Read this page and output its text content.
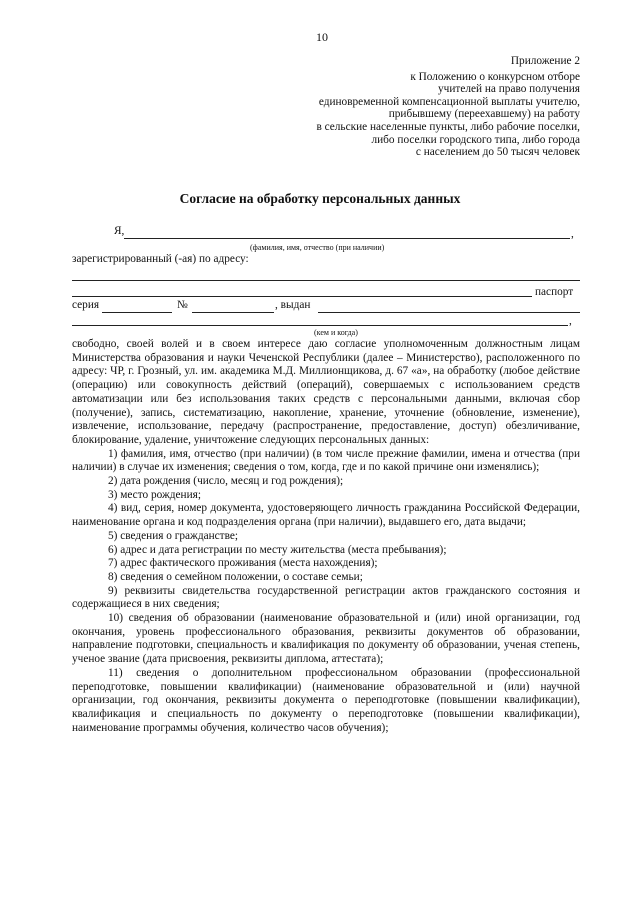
10
Приложение 2
к Положению о конкурсном отборе
учителей на право получения
единовременной компенсационной выплаты учителю,
прибывшему (переехавшему) на работу
в сельские населенные пункты, либо рабочие поселки,
либо поселки городского типа, либо города
с населением до 50 тысяч человек
Согласие на обработку персональных данных
Я,	,
(фамилия, имя, отчество (при наличии)
зарегистрированный (-ая) по адресу:
паспорт
серия	№	, выдан
,
(кем и когда)

свободно, своей волей и в своем интересе даю согласие уполномоченным должностным лицам Министерства образования и науки Чеченской Республики (далее – Министерство), расположенного по адресу: ЧР, г. Грозный, ул. им. академика М.Д. Миллионщикова, д. 67 «а», на обработку (любое действие (операцию) или совокупность действий (операций), совершаемых с использованием средств автоматизации или без использования таких средств с персональными данными, включая сбор (получение), запись, систематизацию, накопление, хранение, уточнение (обновление, изменение), извлечение, использование, передачу (распространение, предоставление, доступ) обезличивание, блокирование, удаление, уничтожение следующих персональных данных:

1) фамилия, имя, отчество (при наличии) (в том числе прежние фамилии, имена и отчества (при наличии) в случае их изменения; сведения о том, когда, где и по какой причине они изменялись);

2) дата рождения (число, месяц и год рождения);

3) место рождения;

4) вид, серия, номер документа, удостоверяющего личность гражданина Российской Федерации, наименование органа и код подразделения органа (при наличии), выдавшего его, дата выдачи;

5) сведения о гражданстве;

6) адрес и дата регистрации по месту жительства (места пребывания);

7) адрес фактического проживания (места нахождения);

8) сведения о семейном положении, о составе семьи;

9) реквизиты свидетельства государственной регистрации актов гражданского состояния и содержащиеся в них сведения;

10) сведения об образовании (наименование образовательной и (или) иной организации, год окончания, уровень профессионального образования, реквизиты документов об образовании, направление подготовки, специальность и квалификация по документу об образовании, ученая степень, ученое звание (дата присвоения, реквизиты диплома, аттестата);

11) сведения о дополнительном профессиональном образовании (профессиональной переподготовке, повышении квалификации) (наименование образовательной и (или) научной организации, год окончания, реквизиты документа о переподготовке (повышении квалификации), квалификация и специальность по документу о переподготовке (повышении квалификации), наименование программы обучения, количество часов обучения);
